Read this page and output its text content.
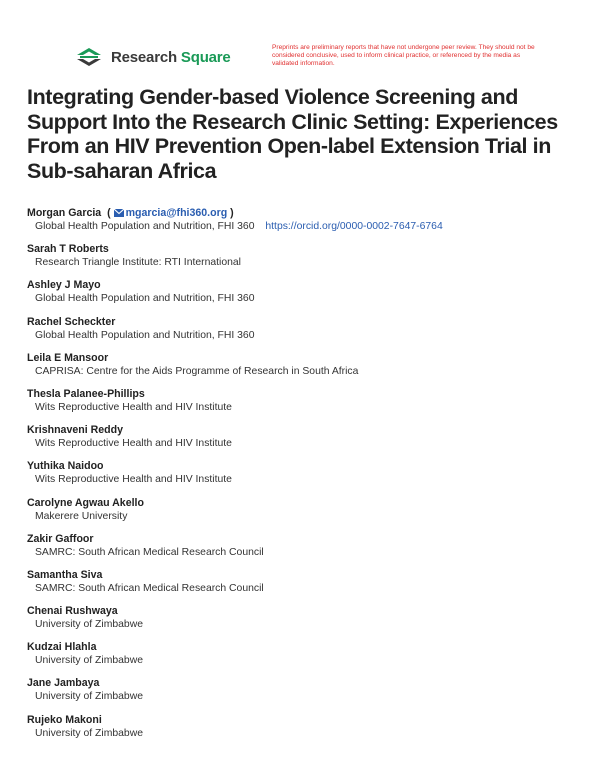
Research Square
Preprints are preliminary reports that have not undergone peer review. They should not be considered conclusive, used to inform clinical practice, or referenced by the media as validated information.
Integrating Gender-based Violence Screening and Support Into the Research Clinic Setting: Experiences From an HIV Prevention Open-label Extension Trial in Sub-saharan Africa
Morgan Garcia ( mgarcia@fhi360.org )
Global Health Population and Nutrition, FHI 360 https://orcid.org/0000-0002-7647-6764
Sarah T Roberts
Research Triangle Institute: RTI International
Ashley J Mayo
Global Health Population and Nutrition, FHI 360
Rachel Scheckter
Global Health Population and Nutrition, FHI 360
Leila E Mansoor
CAPRISA: Centre for the Aids Programme of Research in South Africa
Thesla Palanee-Phillips
Wits Reproductive Health and HIV Institute
Krishnaveni Reddy
Wits Reproductive Health and HIV Institute
Yuthika Naidoo
Wits Reproductive Health and HIV Institute
Carolyne Agwau Akello
Makerere University
Zakir Gaffoor
SAMRC: South African Medical Research Council
Samantha Siva
SAMRC: South African Medical Research Council
Chenai Rushwaya
University of Zimbabwe
Kudzai Hlahla
University of Zimbabwe
Jane Jambaya
University of Zimbabwe
Rujeko Makoni
University of Zimbabwe
